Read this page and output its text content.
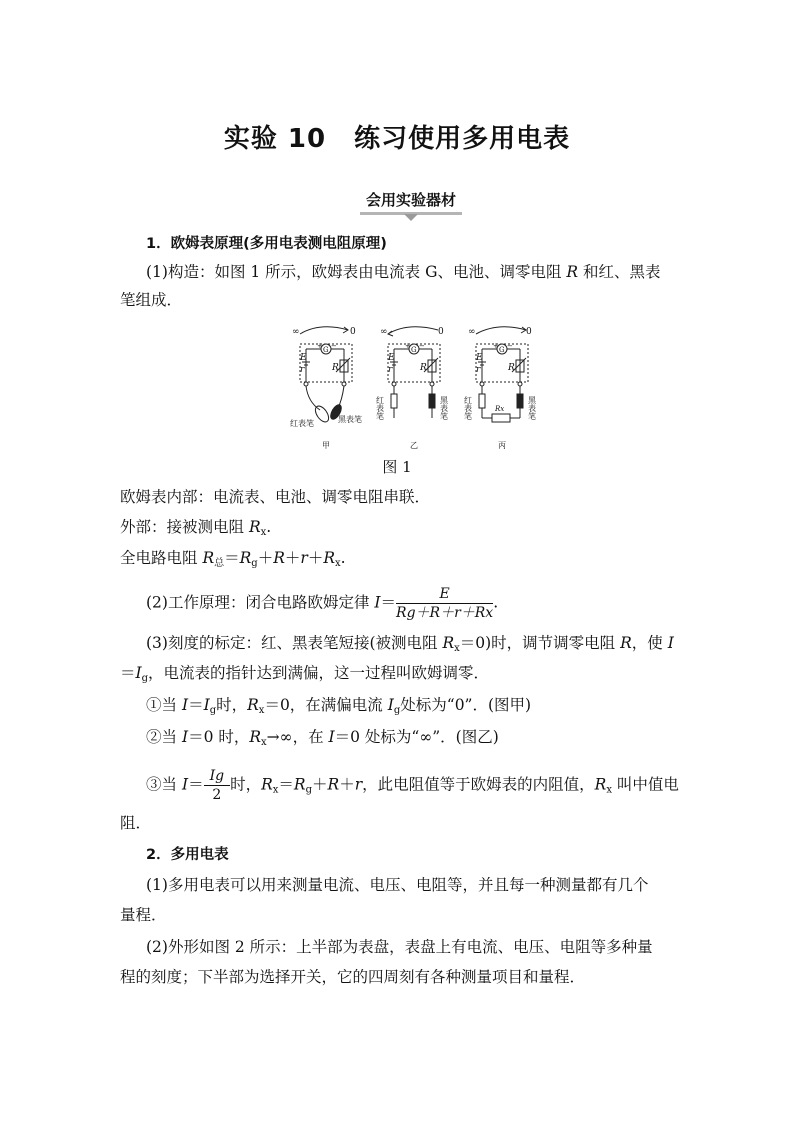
实验 10 练习使用多用电表
会用实验器材
1．欧姆表原理(多用电表测电阻原理)
(1)构造：如图 1 所示，欧姆表由电流表 G、电池、调零电阻 R 和红、黑表
笔组成．
∞	0
+ G −
E
r	R
红表笔	黑表笔
甲
∞	0
+ G −
E
r	R
红表笔	黑表笔
乙
∞	0
+ G −
E
r	R
红表笔	黑表笔
Rx
丙
图 1
欧姆表内部：电流表、电池、调零电阻串联．
外部：接被测电阻 $R_x$.
全电路电阻 $R_总=R_g+R+r+R_x$.
(2)工作原理：闭合电路欧姆定律 $I= \frac{E}{Rg+R+r+Rx}$ .
(3)刻度的标定：红、黑表笔短接(被测电阻 $R_x=0$)时，调节调零电阻 R，使 I
$=I_g$，电流表的指针达到满偏，这一过程叫欧姆调零．
①当 $I=I_g$时，$R_x=0$，在满偏电流 $I_g$处标为“0”．(图甲)
②当 I＝0 时，$R_x\to\infty$，在 I＝0 处标为“∞”．(图乙)
③当 $I= \frac{Ig}{2}$ 时，$R_x=R_g+R+r$，此电阻值等于欧姆表的内阻值，$R_x$ 叫中值电
阻．
2．多用电表
(1)多用电表可以用来测量电流、电压、电阻等，并且每一种测量都有几个
量程．
(2)外形如图 2 所示：上半部为表盘，表盘上有电流、电压、电阻等多种量
程的刻度；下半部为选择开关，它的四周刻有各种测量项目和量程．
